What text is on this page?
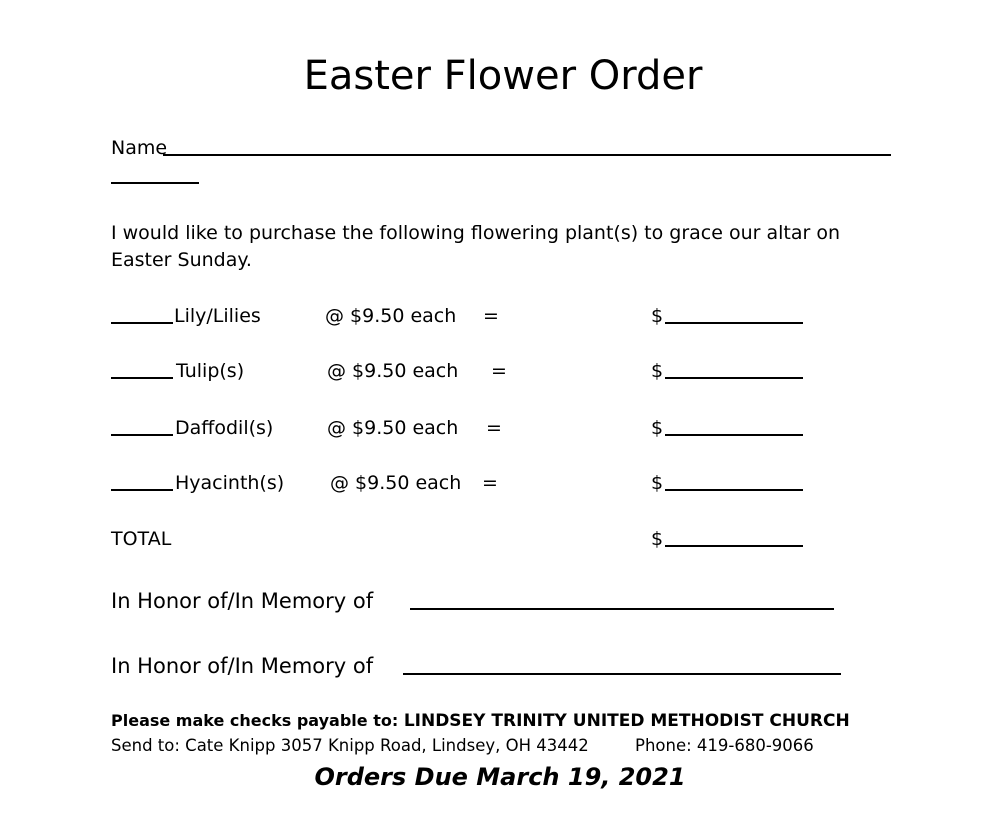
Easter Flower Order
Name
I would like to purchase the following flowering plant(s) to grace our altar on
Easter Sunday.
Lily/Lilies	@ $9.50 each =	$
Tulip(s)	@ $9.50 each =	$
Daffodil(s)	@ $9.50 each =	$
Hyacinth(s) @ $9.50 each =	$
TOTAL	$
In Honor of/In Memory of
In Honor of/In Memory of
Please make checks payable to: LINDSEY TRINITY UNITED METHODIST CHURCH
Send to: Cate Knipp 3057 Knipp Road, Lindsey, OH 43442	Phone: 419-680-9066
Orders Due March 19, 2021
